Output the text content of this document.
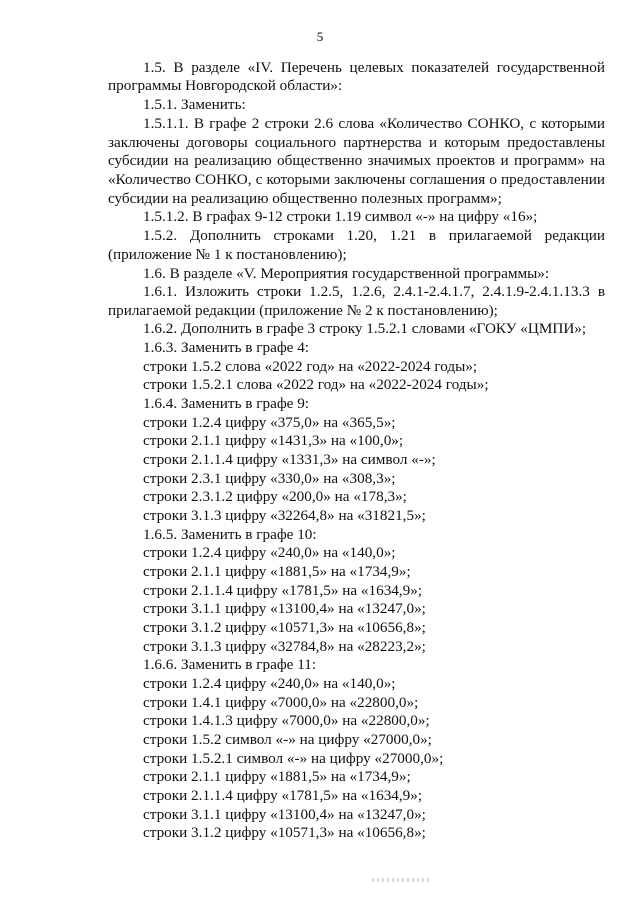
5
1.5. В разделе «IV. Перечень целевых показателей государственной
программы Новгородской области»:
1.5.1. Заменить:
1.5.1.1. В графе 2 строки 2.6 слова «Количество СОНКО, с которыми
заключены договоры социального партнерства и которым предоставлены
субсидии на реализацию общественно значимых проектов и программ» на
«Количество СОНКО, с которыми заключены соглашения о предоставлении
субсидии на реализацию общественно полезных программ»;
1.5.1.2. В графах 9-12 строки 1.19 символ «-» на цифру «16»;
1.5.2. Дополнить строками 1.20, 1.21 в прилагаемой редакции
(приложение № 1 к постановлению);
1.6. В разделе «V. Мероприятия государственной программы»:
1.6.1. Изложить строки 1.2.5, 1.2.6, 2.4.1-2.4.1.7, 2.4.1.9-2.4.1.13.3 в
прилагаемой редакции (приложение № 2 к постановлению);
1.6.2. Дополнить в графе 3 строку 1.5.2.1 словами «ГОКУ «ЦМПИ»;
1.6.3. Заменить в графе 4:
строки 1.5.2 слова «2022 год» на «2022-2024 годы»;
строки 1.5.2.1 слова «2022 год» на «2022-2024 годы»;
1.6.4. Заменить в графе 9:
строки 1.2.4 цифру «375,0» на «365,5»;
строки 2.1.1 цифру «1431,3» на «100,0»;
строки 2.1.1.4 цифру «1331,3» на символ «-»;
строки 2.3.1 цифру «330,0» на «308,3»;
строки 2.3.1.2 цифру «200,0» на «178,3»;
строки 3.1.3 цифру «32264,8» на «31821,5»;
1.6.5. Заменить в графе 10:
строки 1.2.4 цифру «240,0» на «140,0»;
строки 2.1.1 цифру «1881,5» на «1734,9»;
строки 2.1.1.4 цифру «1781,5» на «1634,9»;
строки 3.1.1 цифру «13100,4» на «13247,0»;
строки 3.1.2 цифру «10571,3» на «10656,8»;
строки 3.1.3 цифру «32784,8» на «28223,2»;
1.6.6. Заменить в графе 11:
строки 1.2.4 цифру «240,0» на «140,0»;
строки 1.4.1 цифру «7000,0» на «22800,0»;
строки 1.4.1.3 цифру «7000,0» на «22800,0»;
строки 1.5.2 символ «-» на цифру «27000,0»;
строки 1.5.2.1 символ «-» на цифру «27000,0»;
строки 2.1.1 цифру «1881,5» на «1734,9»;
строки 2.1.1.4 цифру «1781,5» на «1634,9»;
строки 3.1.1 цифру «13100,4» на «13247,0»;
строки 3.1.2 цифру «10571,3» на «10656,8»;
